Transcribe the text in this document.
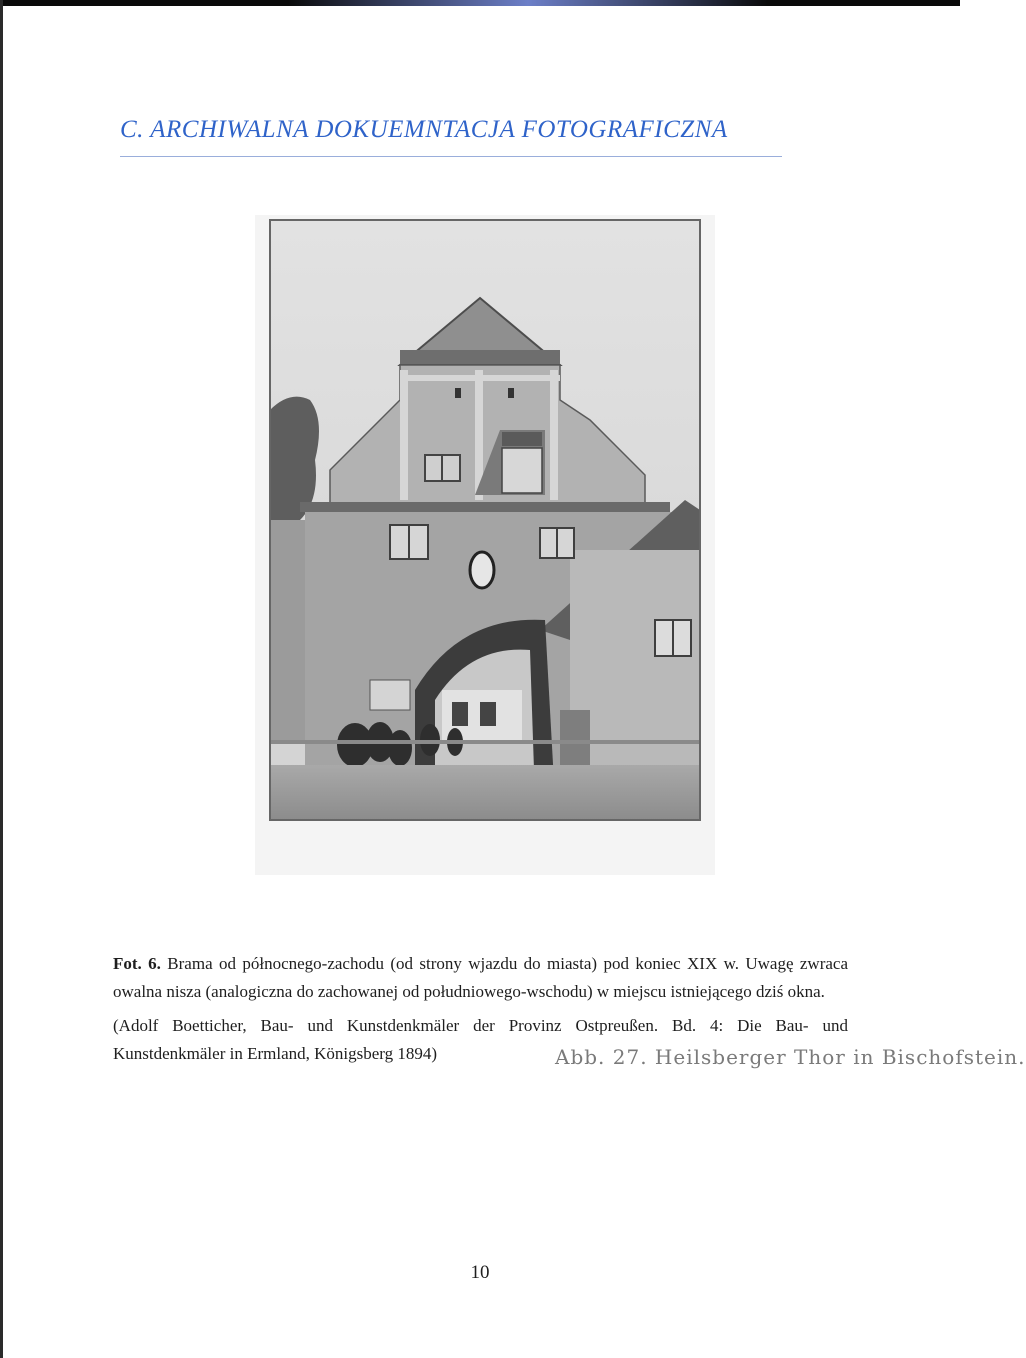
C. ARCHIWALNA DOKUEMNTACJA FOTOGRAFICZNA
Abb. 27. Heilsberger Thor in Bischofstein.

Fot. 6. Brama od północnego-zachodu (od strony wjazdu do miasta) pod koniec XIX w. Uwagę zwraca owalna nisza (analogiczna do zachowanej od południowego-wschodu) w miejscu istniejącego dziś okna.

(Adolf Boetticher, Bau- und Kunstdenkmäler der Provinz Ostpreußen. Bd. 4: Die Bau- und Kunstdenkmäler in Ermland, Königsberg 1894)

10
